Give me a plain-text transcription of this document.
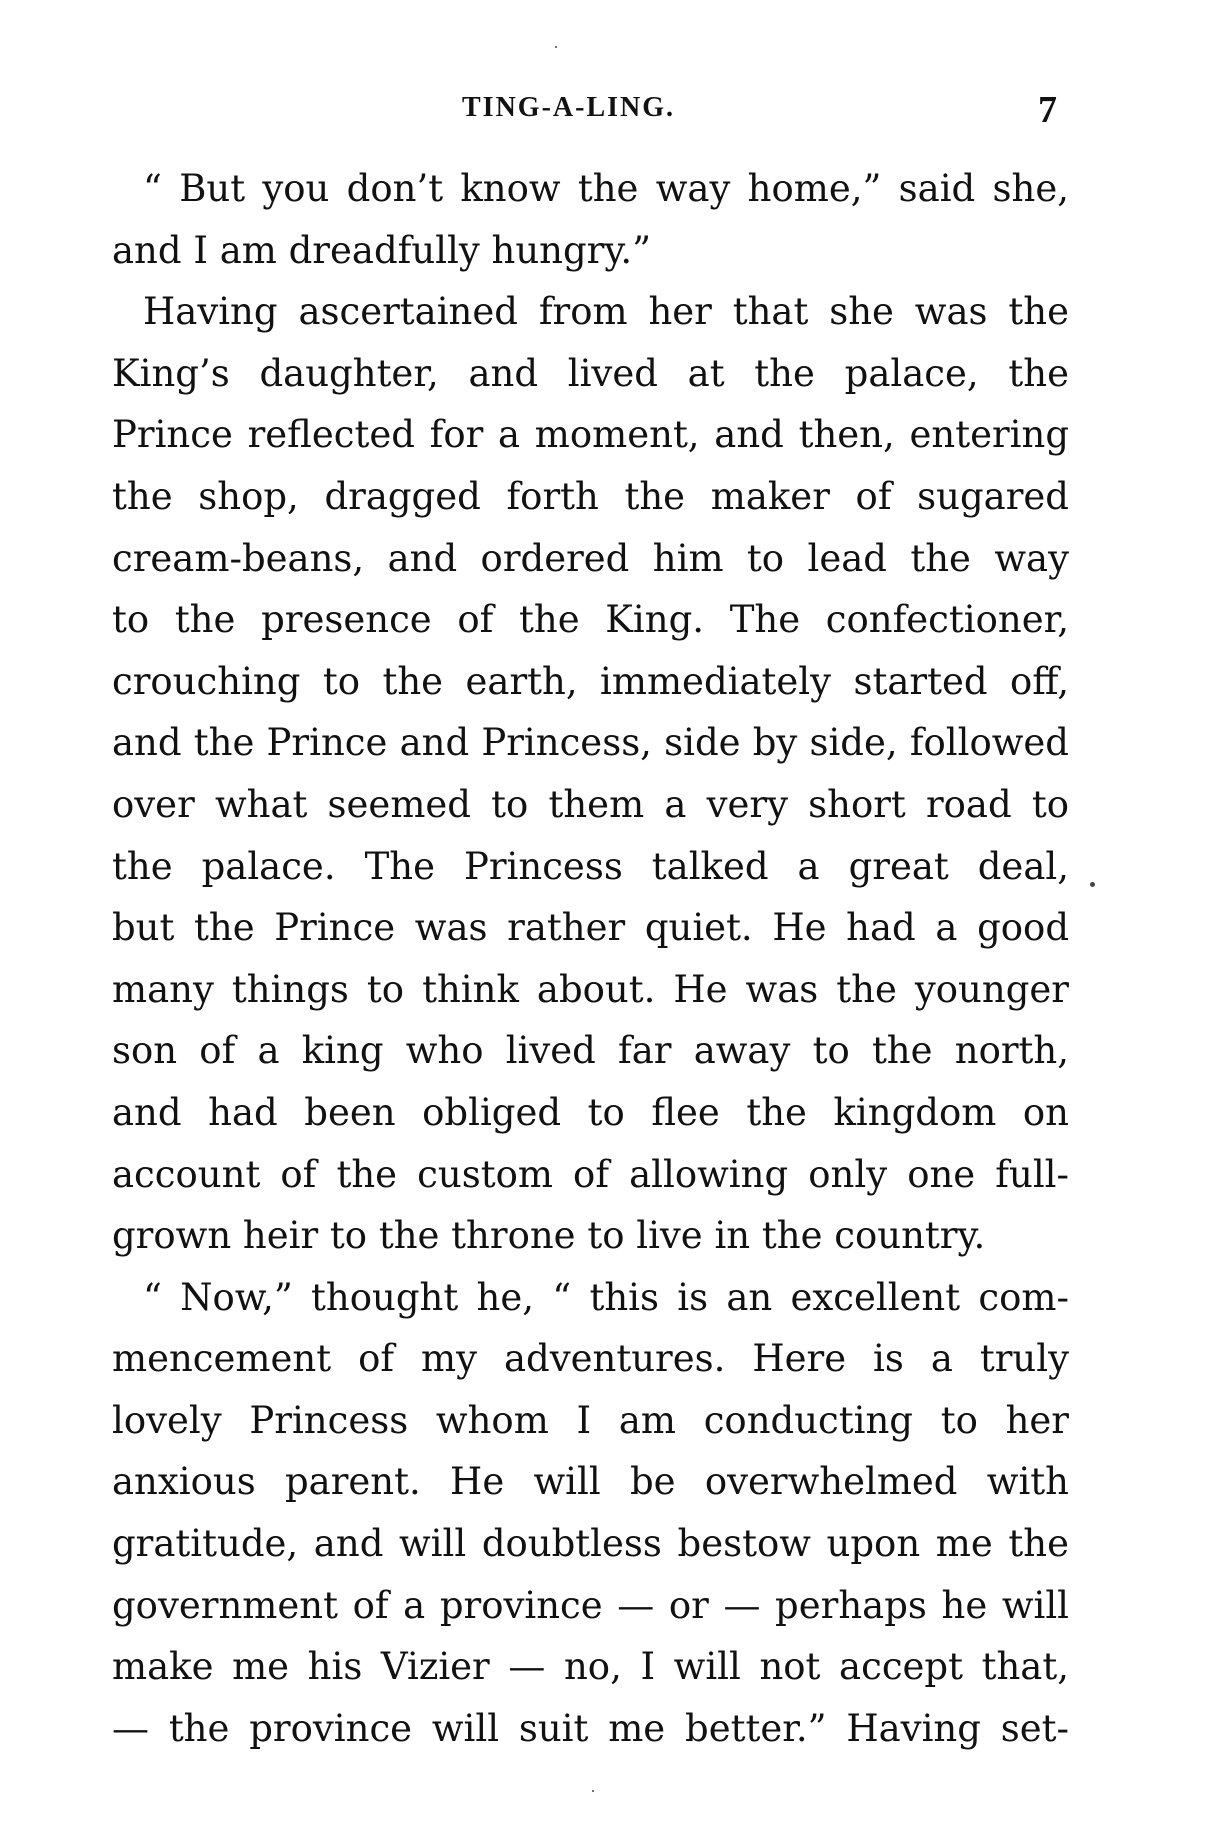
TING-A-LING.	7
“ But you don’t know the way home,” said she,
and I am dreadfully hungry.”
Having ascertained from her that she was the
King’s daughter, and lived at the palace, the
Prince reflected for a moment, and then, entering
the shop, dragged forth the maker of sugared
cream-beans, and ordered him to lead the way
to the presence of the King. The confectioner,
crouching to the earth, immediately started off,
and the Prince and Princess, side by side, followed
over what seemed to them a very short road to
the palace. The Princess talked a great deal,
but the Prince was rather quiet. He had a good
many things to think about. He was the younger
son of a king who lived far away to the north,
and had been obliged to flee the kingdom on
account of the custom of allowing only one full-
grown heir to the throne to live in the country.
“ Now,” thought he, “ this is an excellent com-
mencement of my adventures. Here is a truly
lovely Princess whom I am conducting to her
anxious parent. He will be overwhelmed with
gratitude, and will doubtless bestow upon me the
government of a province — or — perhaps he will
make me his Vizier — no, I will not accept that,
— the province will suit me better.” Having set-
